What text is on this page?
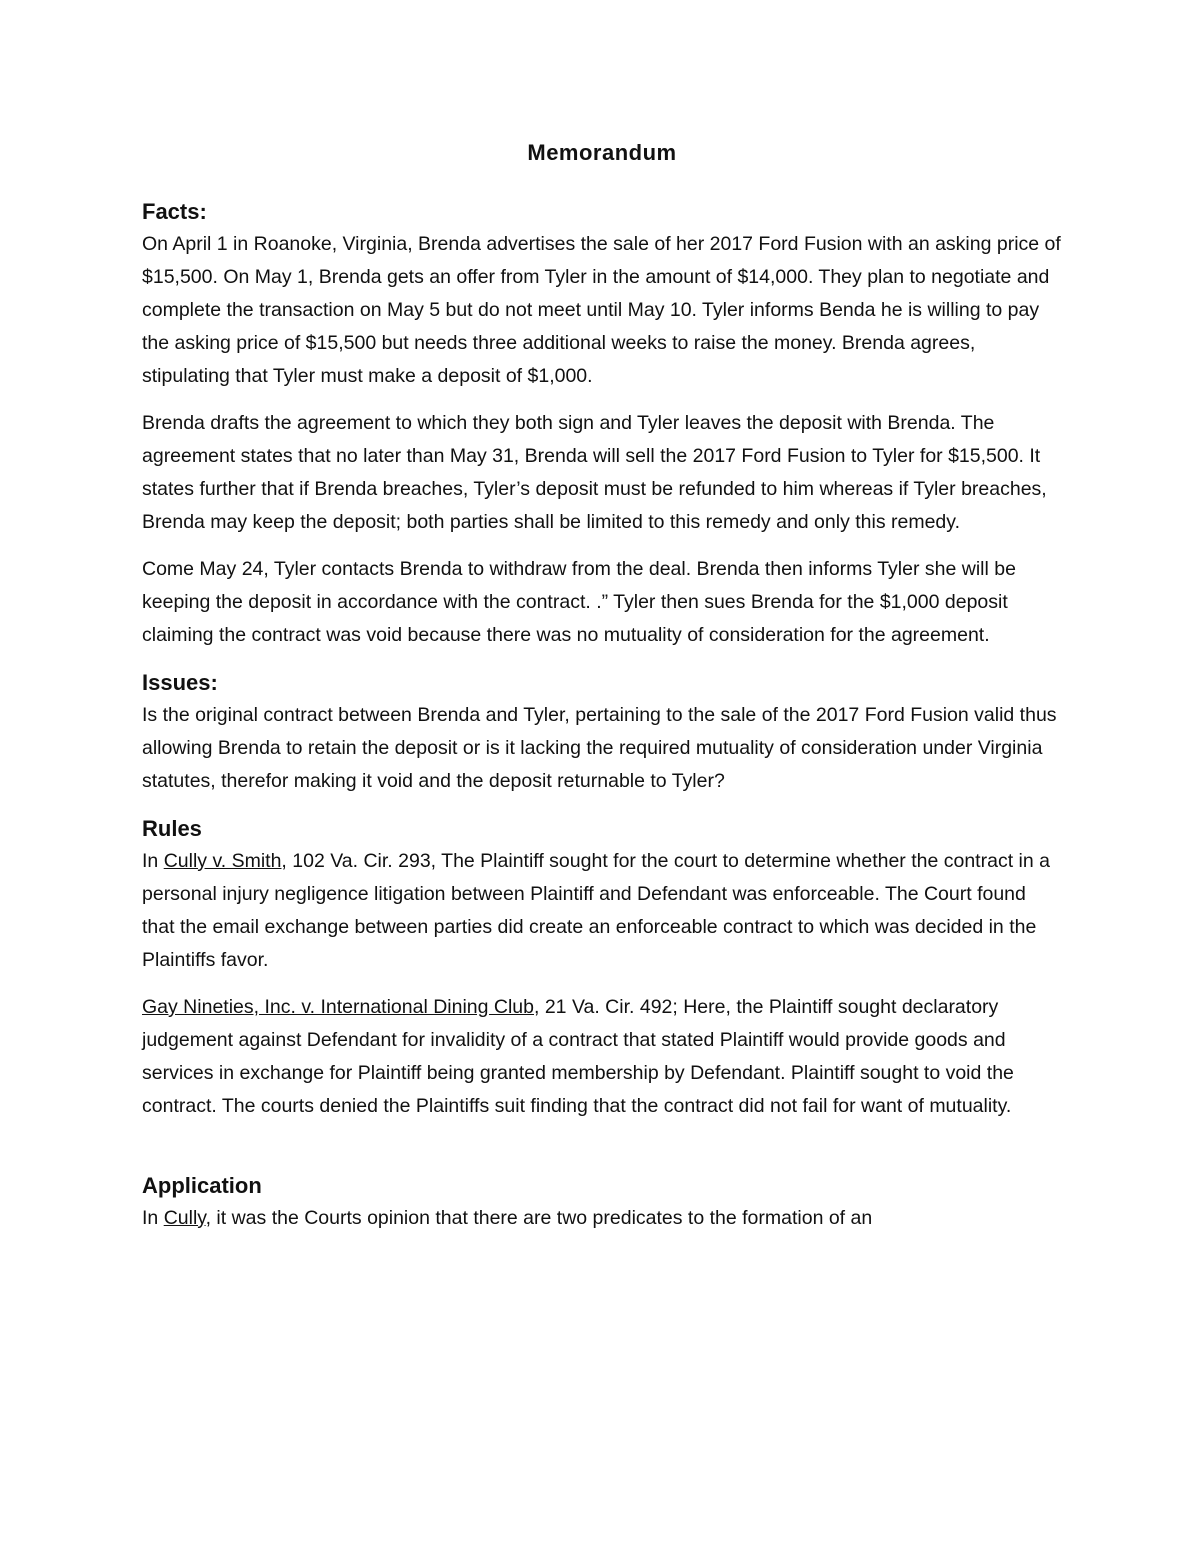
Memorandum
Facts:

On April 1 in Roanoke, Virginia, Brenda advertises the sale of her 2017 Ford Fusion with an asking price of $15,500. On May 1, Brenda gets an offer from Tyler in the amount of $14,000. They plan to negotiate and complete the transaction on May 5 but do not meet until May 10. Tyler informs Benda he is willing to pay the asking price of $15,500 but needs three additional weeks to raise the money. Brenda agrees, stipulating that Tyler must make a deposit of $1,000.

Brenda drafts the agreement to which they both sign and Tyler leaves the deposit with Brenda. The agreement states that no later than May 31, Brenda will sell the 2017 Ford Fusion to Tyler for $15,500. It states further that if Brenda breaches, Tyler’s deposit must be refunded to him whereas if Tyler breaches, Brenda may keep the deposit; both parties shall be limited to this remedy and only this remedy.

Come May 24, Tyler contacts Brenda to withdraw from the deal. Brenda then informs Tyler she will be keeping the deposit in accordance with the contract. .” Tyler then sues Brenda for the $1,000 deposit claiming the contract was void because there was no mutuality of consideration for the agreement.

Issues:

Is the original contract between Brenda and Tyler, pertaining to the sale of the 2017 Ford Fusion valid thus allowing Brenda to retain the deposit or is it lacking the required mutuality of consideration under Virginia statutes, therefor making it void and the deposit returnable to Tyler?

Rules

In Cully v. Smith, 102 Va. Cir. 293, The Plaintiff sought for the court to determine whether the contract in a personal injury negligence litigation between Plaintiff and Defendant was enforceable. The Court found that the email exchange between parties did create an enforceable contract to which was decided in the Plaintiffs favor.

Gay Nineties, Inc. v. International Dining Club, 21 Va. Cir. 492; Here, the Plaintiff sought declaratory judgement against Defendant for invalidity of a contract that stated Plaintiff would provide goods and services in exchange for Plaintiff being granted membership by Defendant. Plaintiff sought to void the contract. The courts denied the Plaintiffs suit finding that the contract did not fail for want of mutuality.

Application

In Cully, it was the Courts opinion that there are two predicates to the formation of an
